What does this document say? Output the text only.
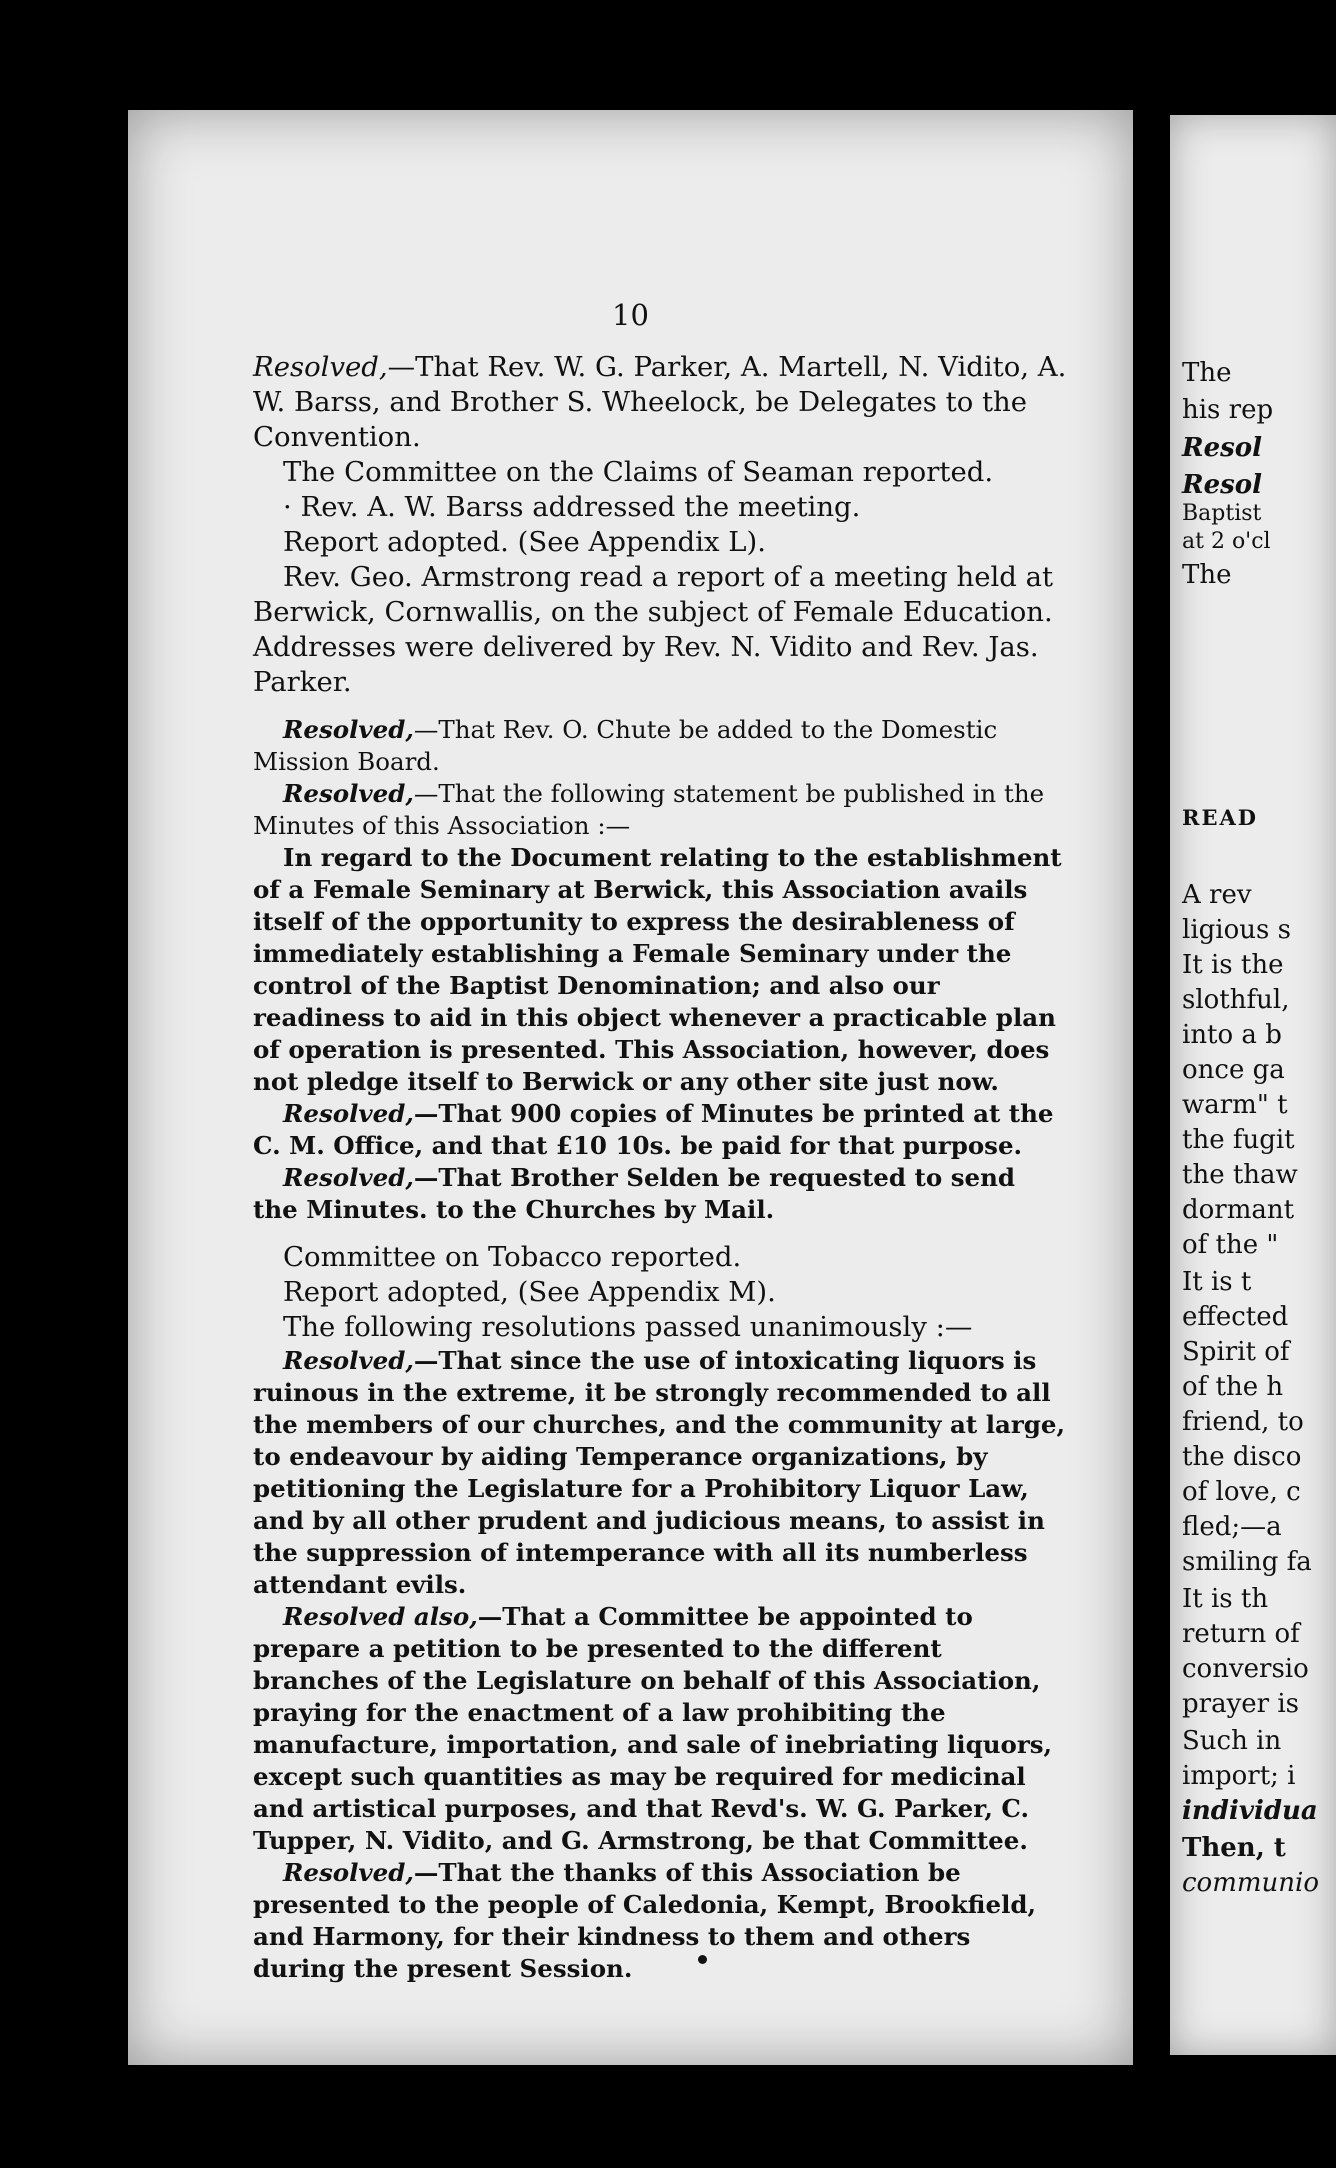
10

Resolved,—That Rev. W. G. Parker, A. Martell, N. Vidito, A. W. Barss, and Brother S. Wheelock, be Delegates to the Convention.

The Committee on the Claims of Seaman reported.

· Rev. A. W. Barss addressed the meeting.

Report adopted. (See Appendix L).

Rev. Geo. Armstrong read a report of a meeting held at Berwick, Cornwallis, on the subject of Female Education. Addresses were delivered by Rev. N. Vidito and Rev. Jas. Parker.

Resolved,—That Rev. O. Chute be added to the Domestic Mission Board.

Resolved,—That the following statement be published in the Minutes of this Association :—

In regard to the Document relating to the establishment of a Female Seminary at Berwick, this Association avails itself of the opportunity to express the desirableness of immediately establishing a Female Seminary under the control of the Baptist Denomination; and also our readiness to aid in this object whenever a practicable plan of operation is presented. This Association, however, does not pledge itself to Berwick or any other site just now.

Resolved,—That 900 copies of Minutes be printed at the C. M. Office, and that £10 10s. be paid for that purpose.

Resolved,—That Brother Selden be requested to send the Minutes. to the Churches by Mail.

Committee on Tobacco reported.

Report adopted, (See Appendix M).

The following resolutions passed unanimously :—

Resolved,—That since the use of intoxicating liquors is ruinous in the extreme, it be strongly recommended to all the members of our churches, and the community at large, to endeavour by aiding Temperance organizations, by petitioning the Legislature for a Prohibitory Liquor Law, and by all other prudent and judicious means, to assist in the suppression of intemperance with all its numberless attendant evils.

Resolved also,—That a Committee be appointed to prepare a petition to be presented to the different branches of the Legislature on behalf of this Association, praying for the enactment of a law prohibiting the manufacture, importation, and sale of inebriating liquors, except such quantities as may be required for medicinal and artistical purposes, and that Revd's. W. G. Parker, C. Tupper, N. Vidito, and G. Armstrong, be that Committee.

Resolved,—That the thanks of this Association be presented to the people of Caledonia, Kempt, Brookfield, and Harmony, for their kindness to them and others during the present Session.

The
his rep
Resol
Resol
Baptist
at 2 o'cl
The
READ
A rev
ligious s
It is the
slothful,
into a b
once ga
warm" t
the fugit
the thaw
dormant
of the "
It is t
effected
Spirit of
of the h
friend, to
the disco
of love, c
fled;—a
smiling fa
It is th
return of
conversio
prayer is
Such in
import; i
individua
Then, t
communio
